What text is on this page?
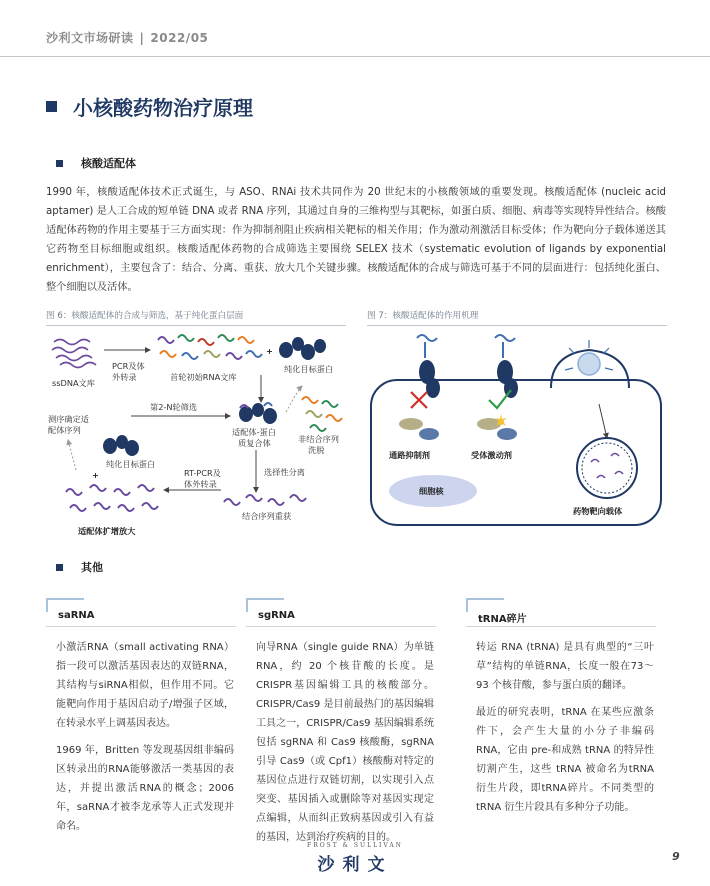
沙利文市场研读 | 2022/05
小核酸药物治疗原理
核酸适配体

1990 年，核酸适配体技术正式诞生，与 ASO、RNAi 技术共同作为 20 世纪末的小核酸领域的重要发现。核酸适配体 (nucleic acid aptamer) 是人工合成的短单链 DNA 或者 RNA 序列，其通过自身的三维构型与其靶标，如蛋白质、细胞、病毒等实现特异性结合。核酸适配体药物的作用主要基于三方面实现：作为抑制剂阻止疾病相关靶标的相关作用；作为激动剂激活目标受体；作为靶向分子载体递送其它药物至目标细胞或组织。核酸适配体药物的合成筛选主要围绕 SELEX 技术（systematic evolution of ligands by exponential enrichment），主要包含了：结合、分离、重获、放大几个关键步骤。核酸适配体的合成与筛选可基于不同的层面进行：包括纯化蛋白、整个细胞以及活体。

图 6：核酸适配体的合成与筛选，基于纯化蛋白层面	图 7：核酸适配体的作用机理
ssDNA文库
PCR及体
外转录	首轮初始RNA文库
+
纯化目标蛋白
适配体-蛋白
质复合体
第2-N轮筛选
非结合序列
洗脱
测序确定适
配体序列
纯化目标蛋白
+	选择性分离
结合序列重获
RT-PCR及
体外转录
适配体扩增放大
通路抑制剂	受体激动剂
细胞核
药物靶向载体
其他
saRNA

小激活RNA（small activating RNA）指一段可以激活基因表达的双链RNA，其结构与siRNA相似，但作用不同。它能靶向作用于基因启动子/增强子区域，在转录水平上调基因表达。

1969 年，Britten 等发现基因组非编码区转录出的RNA能够激活一类基因的表达，并提出激活RNA的概念；2006 年，saRNA才被李龙承等人正式发现并命名。

sgRNA

向导RNA（single guide RNA）为单链RNA，约 20 个核苷酸的长度。是 CRISPR基因编辑工具的核酸部分。CRISPR/Cas9 是目前最热门的基因编辑工具之一，CRISPR/Cas9 基因编辑系统包括 sgRNA 和 Cas9 核酸酶，sgRNA引导 Cas9（或 Cpf1）核酸酶对特定的基因位点进行双链切割，以实现引入点突变、基因插入或删除等对基因实现定点编辑，从而纠正致病基因或引入有益的基因，达到治疗疾病的目的。

tRNA碎片

转运 RNA (tRNA) 是具有典型的“三叶草”结构的单链RNA，长度一般在73～93 个核苷酸，参与蛋白质的翻译。

最近的研究表明，tRNA 在某些应激条件下，会产生大量的小分子非编码RNA，它由 pre-和成熟 tRNA 的特异性切割产生，这些 tRNA 被命名为tRNA 衍生片段，即tRNA碎片。不同类型的 tRNA 衍生片段具有多种分子功能。

FROST & SULLIVAN
沙利文	9
